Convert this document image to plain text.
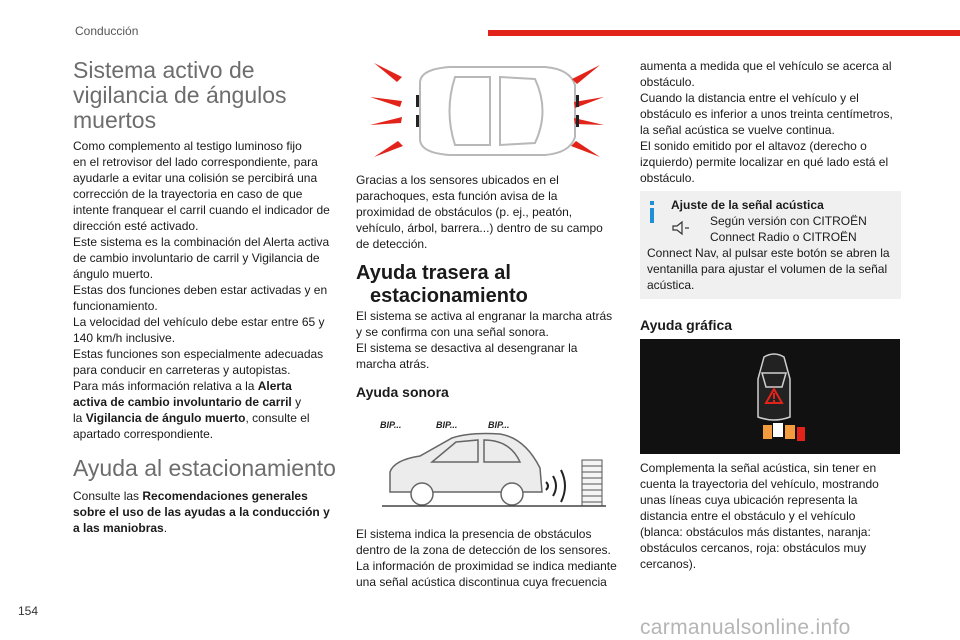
Conducción
Sistema activo de vigilancia de ángulos muertos

Como complemento al testigo luminoso fijo

en el retrovisor del lado correspondiente, para

ayudarle a evitar una colisión se percibirá una

corrección de la trayectoria en caso de que

intente franquear el carril cuando el indicador de

dirección esté activado.

Este sistema es la combinación del Alerta activa

de cambio involuntario de carril y Vigilancia de

ángulo muerto.

Estas dos funciones deben estar activadas y en

funcionamiento.

La velocidad del vehículo debe estar entre 65 y

140 km/h inclusive.

Estas funciones son especialmente adecuadas

para conducir en carreteras y autopistas.

Para más información relativa a la Alerta

activa de cambio involuntario de carril y

la Vigilancia de ángulo muerto, consulte el

apartado correspondiente.

Ayuda al estacionamiento

Consulte las Recomendaciones generales

sobre el uso de las ayudas a la conducción y

a las maniobras.

Gracias a los sensores ubicados en el

parachoques, esta función avisa de la

proximidad de obstáculos (p. ej., peatón,

vehículo, árbol, barrera...) dentro de su campo

de detección.

Ayuda trasera al
estacionamiento

El sistema se activa al engranar la marcha atrás

y se confirma con una señal sonora.

El sistema se desactiva al desengranar la

marcha atrás.

Ayuda sonora
BIP...	BIP...	BIP...

El sistema indica la presencia de obstáculos

dentro de la zona de detección de los sensores.

La información de proximidad se indica mediante

una señal acústica discontinua cuya frecuencia

aumenta a medida que el vehículo se acerca al

obstáculo.

Cuando la distancia entre el vehículo y el

obstáculo es inferior a unos treinta centímetros,

la señal acústica se vuelve continua.

El sonido emitido por el altavoz (derecho o

izquierdo) permite localizar en qué lado está el

obstáculo.

Ajuste de la señal acústica

Según versión con CITROËN

Connect Radio o CITROËN

Connect Nav, al pulsar este botón se abren la

ventanilla para ajustar el volumen de la señal

acústica.

Ayuda gráfica

Complementa la señal acústica, sin tener en

cuenta la trayectoria del vehículo, mostrando

unas líneas cuya ubicación representa la

distancia entre el obstáculo y el vehículo

(blanca: obstáculos más distantes, naranja:

obstáculos cercanos, roja: obstáculos muy

cercanos).

154
carmanualsonline.info
